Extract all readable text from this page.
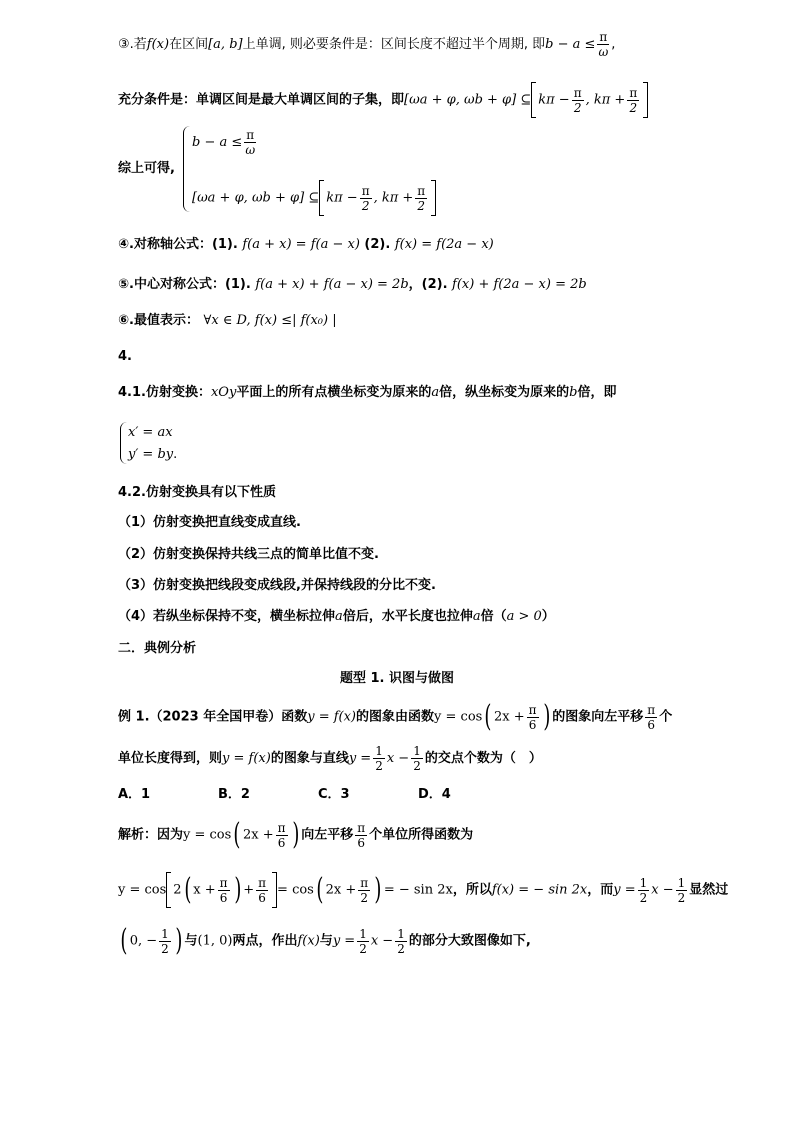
③.若f(x)在区间[a, b]上单调, 则必要条件是：区间长度不超过半个周期, 即$b - a \le \frac{\pi}{\omega}$ ,
充分条件是：单调区间是最大单调区间的子集，即[ωa + φ, ωb + φ] ⊆ $k\pi - \frac{\pi}{2}$ , $k\pi + \frac{\pi}{2}$
综上可得,
$b - a \le \frac{\pi}{\omega}$
[ωa + φ, ωb + φ] ⊆ $k\pi - \frac{\pi}{2}$ , $k\pi + \frac{\pi}{2}$
④.对称轴公式：(1). f(a + x) = f(a − x) (2). f(x) = f(2a − x)
⑤.中心对称公式：(1). f(a + x) + f(a − x) = 2b，(2). f(x) + f(2a − x) = 2b
⑥.最值表示： ∀x ∈ D, f(x) ≤| f(x₀) |
4.
4.1.仿射变换：xOy平面上的所有点横坐标变为原来的a倍，纵坐标变为原来的b倍，即
x′ = ax
y′ = by.
4.2.仿射变换具有以下性质
（1）仿射变换把直线变成直线.
（2）仿射变换保持共线三点的简单比值不变.
（3）仿射变换把线段变成线段,并保持线段的分比不变.
（4）若纵坐标保持不变，横坐标拉伸a倍后，水平长度也拉伸a倍（a > 0）
二．典例分析
题型 1. 识图与做图
例 1.（2023 年全国甲卷）函数y = f(x)的图象由函数y = cos( $2x + \frac{\pi}{6}$ ) 的图象向左平移 $\frac{\pi}{6}$ 个
单位长度得到，则y = f(x)的图象与直线$y = \frac{1}{2}$ $x - \frac{1}{2}$ 的交点个数为（　）
A．1	B．2	C．3	D．4
解析：因为y = cos( $2x + \frac{\pi}{6}$ ) 向左平移 $\frac{\pi}{6}$ 个单位所得函数为
y = cos 2( $x + \frac{\pi}{6}$ ) + $\frac{\pi}{6} = \cos$( $2x + \frac{\pi}{2}$ ) = − sin 2x，所以f(x) = − sin 2x，而$y = \frac{1}{2}$ $x - \frac{1}{2}$ 显然过
( 0, − $\frac{1}{2}$ ) 与(1, 0)两点，作出f(x)与$y = \frac{1}{2}$ $x - \frac{1}{2}$ 的部分大致图像如下,
